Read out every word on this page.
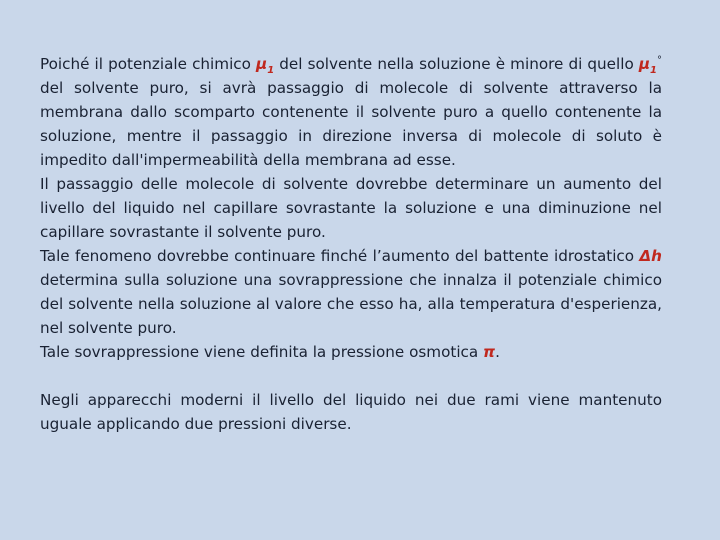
Poiché il potenziale chimico $\mu_1$ del solvente nella soluzione è minore di quello $\mu_1^\circ$ del solvente puro, si avrà passaggio di molecole di solvente attraverso la membrana dallo scomparto contenente il solvente puro a quello contenente la soluzione, mentre il passaggio in direzione inversa di molecole di soluto è impedito dall'impermeabilità della membrana ad esse.

Il passaggio delle molecole di solvente dovrebbe determinare un aumento del livello del liquido nel capillare sovrastante la soluzione e una diminuzione nel capillare sovrastante il solvente puro.

Tale fenomeno dovrebbe continuare finché l’aumento del battente idrostatico Δh determina sulla soluzione una sovrappressione che innalza il potenziale chimico del solvente nella soluzione al valore che esso ha, alla temperatura d'esperienza, nel solvente puro.

Tale sovrappressione viene definita la pressione osmotica π.

Negli apparecchi moderni il livello del liquido nei due rami viene mantenuto uguale applicando due pressioni diverse.
